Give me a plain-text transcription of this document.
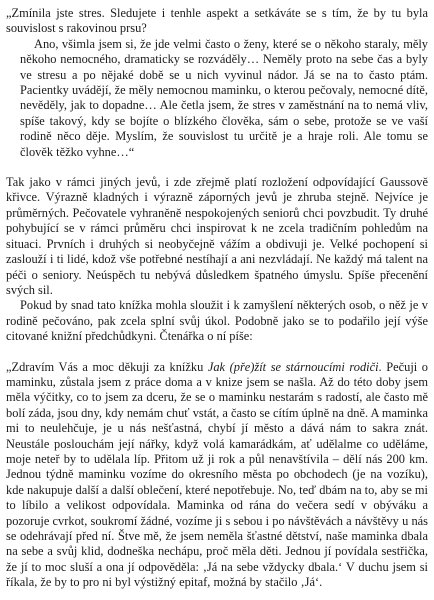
„Zmínila jste stres. Sledujete i tenhle aspekt a setkáváte se s tím, že by tu byla souvislost s rakovinou prsu?

Ano, všimla jsem si, že jde velmi často o ženy, které se o někoho staraly, měly někoho nemocného, dramaticky se rozváděly… Neměly proto na sebe čas a byly ve stresu a po nějaké době se u nich vyvinul nádor. Já se na to často ptám. Pacientky uvádějí, že měly nemocnou maminku, o kterou pečovaly, nemocné dítě, nevěděly, jak to dopadne… Ale četla jsem, že stres v zaměstnání na to nemá vliv, spíše takový, kdy se bojíte o blízkého člověka, sám o sebe, protože se ve vaší rodině něco děje. Myslím, že souvislost tu určitě je a hraje roli. Ale tomu se člověk těžko vyhne…“

Tak jako v rámci jiných jevů, i zde zřejmě platí rozložení odpovídající Gaussově křivce. Výrazně kladných i výrazně záporných jevů je zhruba stejně. Nejvíce je průměrných. Pečovatele vyhraněně nespokojených seniorů chci povzbudit. Ty druhé pohybující se v rámci průměru chci inspirovat k ne zcela tradičním pohledům na situaci. Prvních i druhých si neobyčejně vážím a obdivuji je. Velké pochopení si zaslouží i ti lidé, kdož vše potřebné nestíhají a ani nezvládají. Ne každý má talent na péči o seniory. Neúspěch tu nebývá důsledkem špatného úmyslu. Spíše přecenění svých sil.

Pokud by snad tato knížka mohla sloužit i k zamyšlení některých osob, o něž je v rodině pečováno, pak zcela splní svůj úkol. Podobně jako se to podařilo její výše citované knižní předchůdkyni. Čtenářka o ní píše:

„Zdravím Vás a moc děkuji za knížku Jak (pře)žít se stárnoucími rodiči. Pečuji o maminku, zůstala jsem z práce doma a v knize jsem se našla. Až do této doby jsem měla výčitky, co to jsem za dceru, že se o maminku nestarám s radostí, ale často mě bolí záda, jsou dny, kdy nemám chuť vstát, a často se cítím úplně na dně. A maminka mi to neulehčuje, je u nás nešťastná, chybí jí město a dává nám to sakra znát. Neustále poslouchám její nářky, když volá kamarádkám, ať udělalme co uděláme, moje neteř by to udělala líp. Přitom už ji rok a půl nenavštívila – dělí nás 200 km. Jednou týdně maminku vozíme do okresního města po obchodech (je na vozíku), kde nakupuje další a další oblečení, které nepotřebuje. No, teď dbám na to, aby se mi to líbilo a velikost odpovídala. Maminka od rána do večera sedí v obýváku a pozoruje cvrkot, soukromí žádné, vozíme ji s sebou i po návštěvách a návštěvy u nás se odehrávají před ní. Štve mě, že jsem neměla šťastné dětství, naše maminka dbala na sebe a svůj klid, dodneška nechápu, proč měla děti. Jednou jí povídala sestřička, že jí to moc sluší a ona jí odpověděla: ‚Já na sebe vždycky dbala.‘ V duchu jsem si říkala, že by to pro ni byl výstižný epitaf, možná by stačilo ‚Já‘.
